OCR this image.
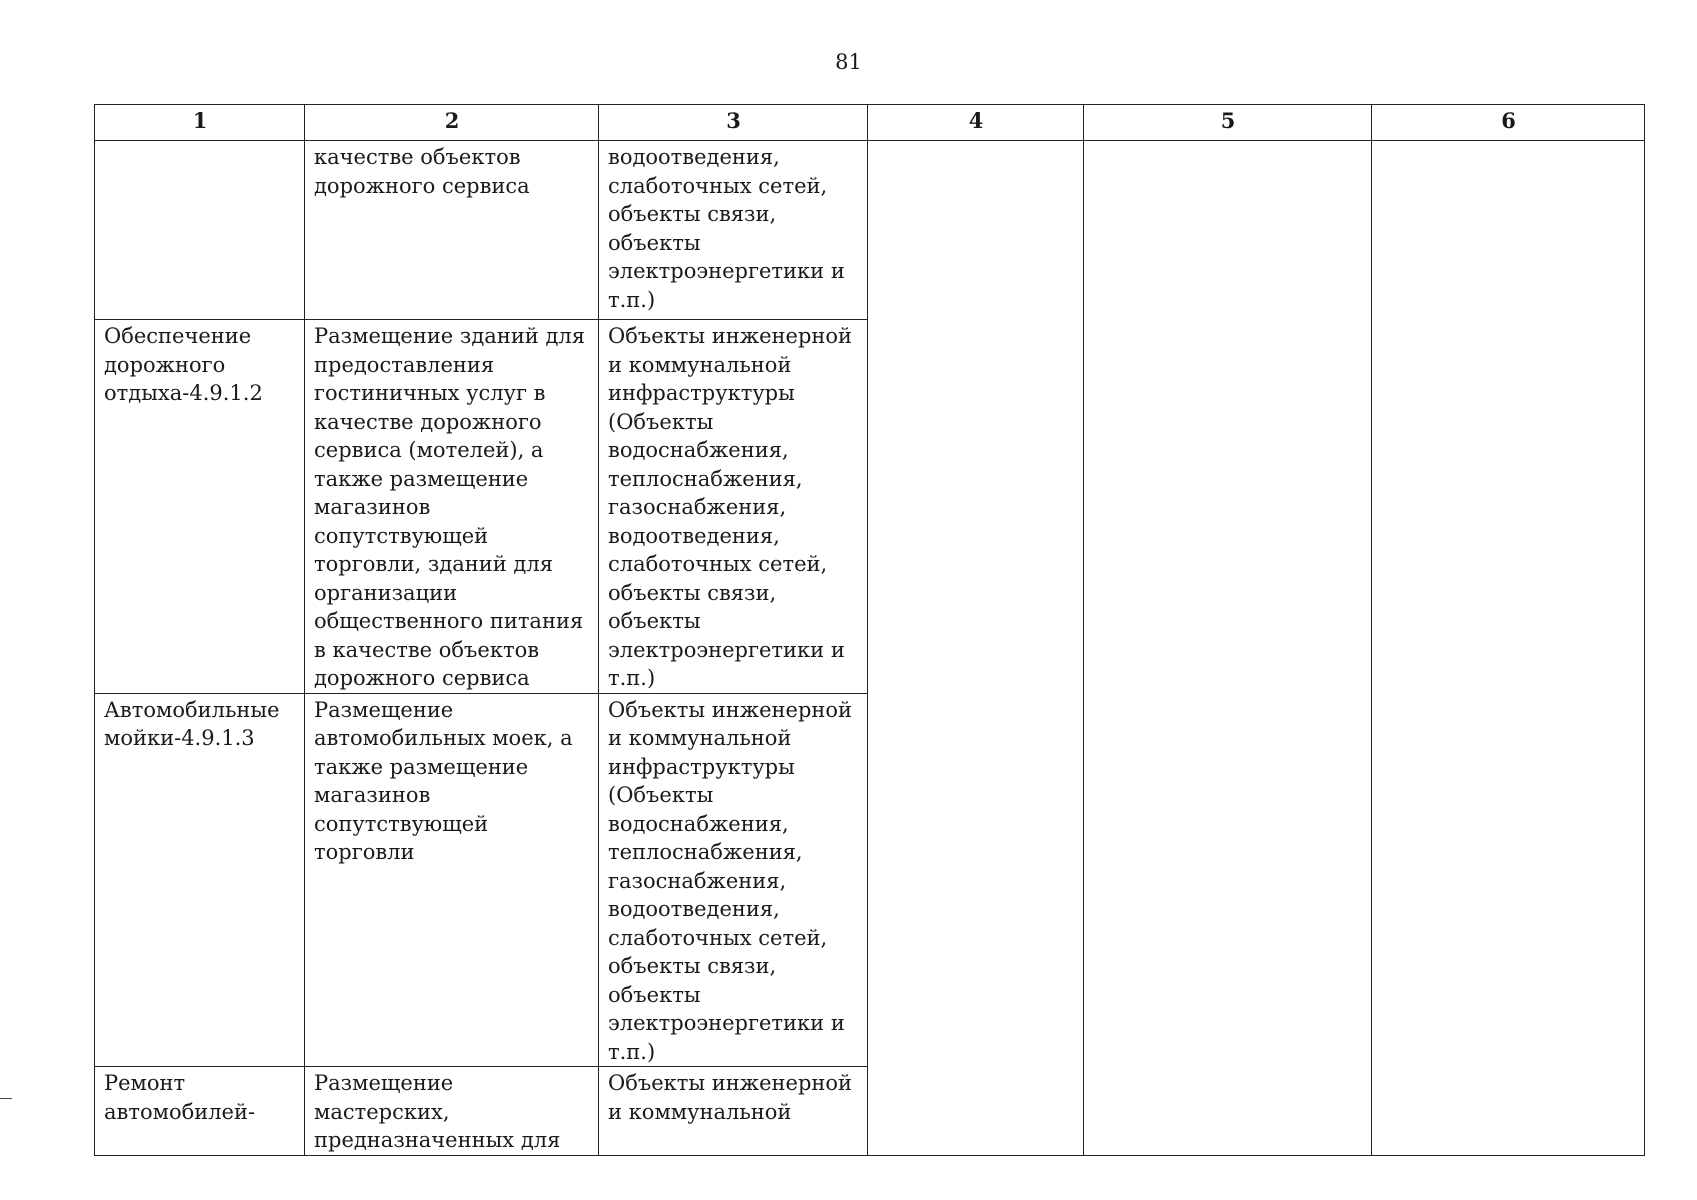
81
1	2	3	4	5	6
	качестве объектов дорожного сервиса	водоотведения, слаботочных сетей, объекты связи, объекты электроэнергетики и т.п.)			
Обеспечение дорожного отдыха-4.9.1.2	Размещение зданий для предоставления гостиничных услуг в качестве дорожного сервиса (мотелей), а также размещение магазинов сопутствующей торговли, зданий для организации общественного питания в качестве объектов дорожного сервиса	Объекты инженерной и коммунальной инфраструктуры (Объекты водоснабжения, теплоснабжения, газоснабжения, водоотведения, слаботочных сетей, объекты связи, объекты электроэнергетики и т.п.)			
Автомобильные мойки-4.9.1.3	Размещение автомобильных моек, а также размещение магазинов сопутствующей торговли	Объекты инженерной и коммунальной инфраструктуры (Объекты водоснабжения, теплоснабжения, газоснабжения, водоотведения, слаботочных сетей, объекты связи, объекты электроэнергетики и т.п.)			
Ремонт автомобилей-	Размещение мастерских, предназначенных для	Объекты инженерной и коммунальной			
